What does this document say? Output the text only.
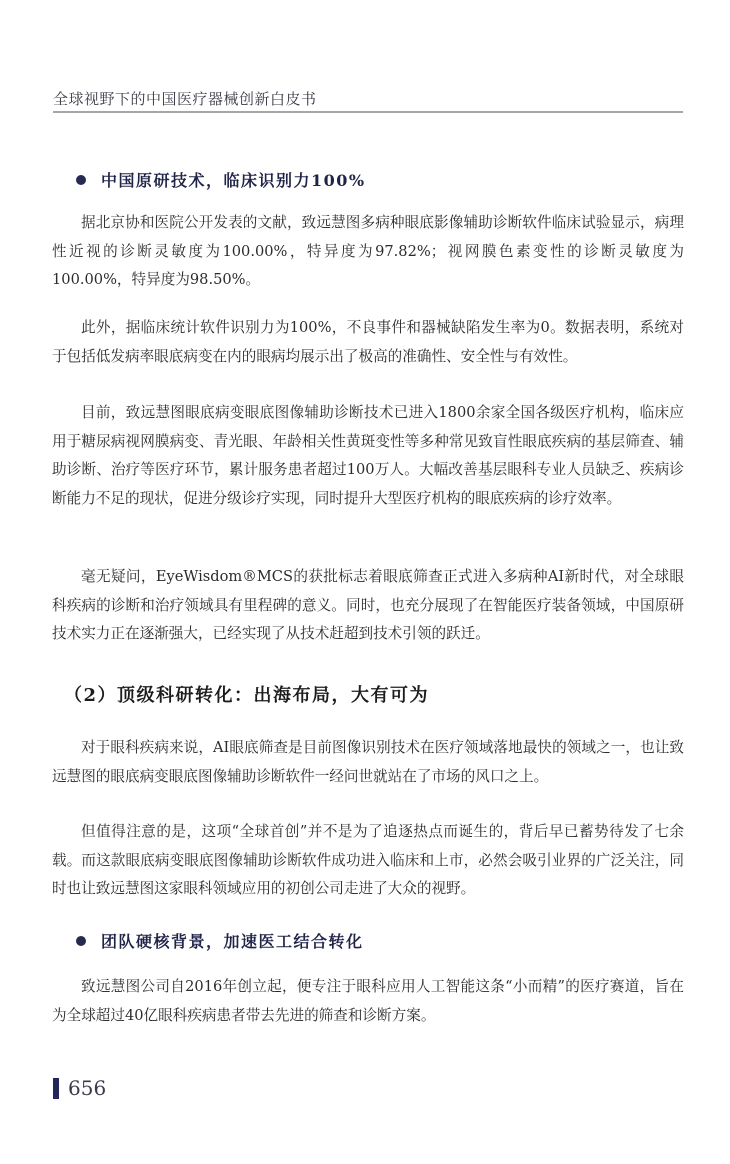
全球视野下的中国医疗器械创新白皮书
中国原研技术，临床识别力100%

据北京协和医院公开发表的文献，致远慧图多病种眼底影像辅助诊断软件临床试验显示，病理性近视的诊断灵敏度为100.00%，特异度为97.82%；视网膜色素变性的诊断灵敏度为100.00%，特异度为98.50%。

此外，据临床统计软件识别力为100%，不良事件和器械缺陷发生率为0。数据表明，系统对于包括低发病率眼底病变在内的眼病均展示出了极高的准确性、安全性与有效性。

目前，致远慧图眼底病变眼底图像辅助诊断技术已进入1800余家全国各级医疗机构，临床应用于糖尿病视网膜病变、青光眼、年龄相关性黄斑变性等多种常见致盲性眼底疾病的基层筛查、辅助诊断、治疗等医疗环节，累计服务患者超过100万人。大幅改善基层眼科专业人员缺乏、疾病诊断能力不足的现状，促进分级诊疗实现，同时提升大型医疗机构的眼底疾病的诊疗效率。

毫无疑问，EyeWisdom®MCS的获批标志着眼底筛查正式进入多病种AI新时代，对全球眼科疾病的诊断和治疗领域具有里程碑的意义。同时，也充分展现了在智能医疗装备领域，中国原研技术实力正在逐渐强大，已经实现了从技术赶超到技术引领的跃迁。

（2）顶级科研转化：出海布局，大有可为

对于眼科疾病来说，AI眼底筛查是目前图像识别技术在医疗领域落地最快的领域之一，也让致远慧图的眼底病变眼底图像辅助诊断软件一经问世就站在了市场的风口之上。

但值得注意的是，这项“全球首创”并不是为了追逐热点而诞生的，背后早已蓄势待发了七余载。而这款眼底病变眼底图像辅助诊断软件成功进入临床和上市，必然会吸引业界的广泛关注，同时也让致远慧图这家眼科领域应用的初创公司走进了大众的视野。

团队硬核背景，加速医工结合转化

致远慧图公司自2016年创立起，便专注于眼科应用人工智能这条“小而精”的医疗赛道，旨在为全球超过40亿眼科疾病患者带去先进的筛查和诊断方案。

656
